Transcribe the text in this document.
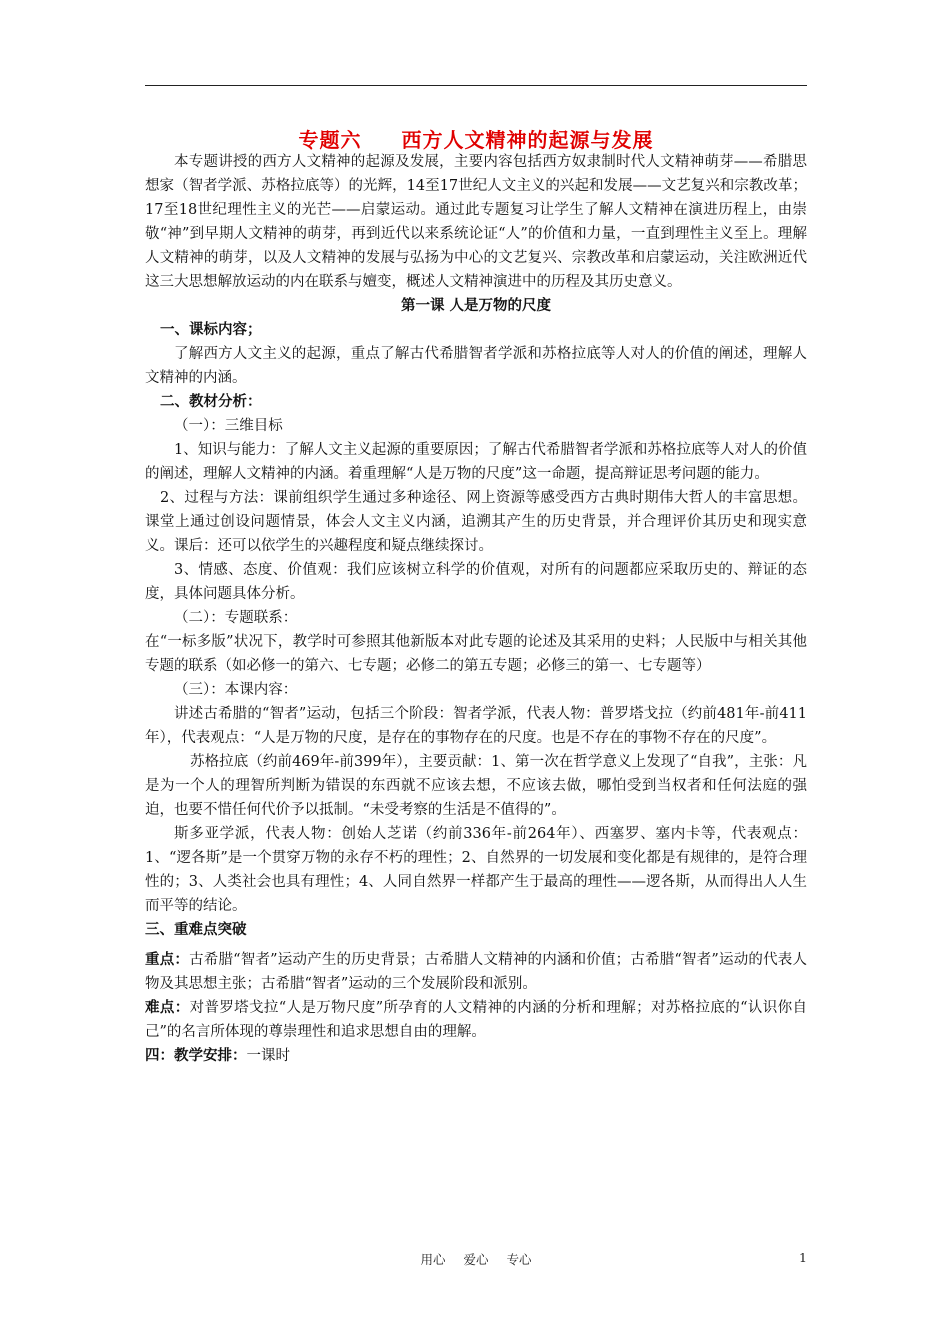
专题六 西方人文精神的起源与发展

本专题讲授的西方人文精神的起源及发展，主要内容包括西方奴隶制时代人文精神萌芽——希腊思想家（智者学派、苏格拉底等）的光辉，14至17世纪人文主义的兴起和发展——文艺复兴和宗教改革；17至18世纪理性主义的光芒——启蒙运动。通过此专题复习让学生了解人文精神在演进历程上，由崇敬“神”到早期人文精神的萌芽，再到近代以来系统论证“人”的价值和力量，一直到理性主义至上。理解人文精神的萌芽，以及人文精神的发展与弘扬为中心的文艺复兴、宗教改革和启蒙运动，关注欧洲近代这三大思想解放运动的内在联系与嬗变，概述人文精神演进中的历程及其历史意义。

第一课 人是万物的尺度

一、课标内容；

了解西方人文主义的起源，重点了解古代希腊智者学派和苏格拉底等人对人的价值的阐述，理解人文精神的内涵。

二、教材分析：

（一）：三维目标

1、知识与能力：了解人文主义起源的重要原因；了解古代希腊智者学派和苏格拉底等人对人的价值的阐述，理解人文精神的内涵。着重理解“人是万物的尺度”这一命题，提高辩证思考问题的能力。

2、过程与方法：课前组织学生通过多种途径、网上资源等感受西方古典时期伟大哲人的丰富思想。课堂上通过创设问题情景，体会人文主义内涵，追溯其产生的历史背景，并合理评价其历史和现实意义。课后：还可以依学生的兴趣程度和疑点继续探讨。

3、情感、态度、价值观：我们应该树立科学的价值观，对所有的问题都应采取历史的、辩证的态度，具体问题具体分析。

（二）：专题联系：

在“一标多版”状况下，教学时可参照其他新版本对此专题的论述及其采用的史料；人民版中与相关其他专题的联系（如必修一的第六、七专题；必修二的第五专题；必修三的第一、七专题等）

（三）：本课内容：

讲述古希腊的“智者”运动，包括三个阶段：智者学派，代表人物：普罗塔戈拉（约前481年-前411年），代表观点：“人是万物的尺度，是存在的事物存在的尺度。也是不存在的事物不存在的尺度”。

苏格拉底（约前469年-前399年），主要贡献：1、第一次在哲学意义上发现了“自我”，主张：凡是为一个人的理智所判断为错误的东西就不应该去想，不应该去做，哪怕受到当权者和任何法庭的强迫，也要不惜任何代价予以抵制。“未受考察的生活是不值得的”。

斯多亚学派，代表人物：创始人芝诺（约前336年-前264年）、西塞罗、塞内卡等，代表观点：1、“逻各斯”是一个贯穿万物的永存不朽的理性；2、自然界的一切发展和变化都是有规律的，是符合理性的；3、人类社会也具有理性；4、人同自然界一样都产生于最高的理性——逻各斯，从而得出人人生而平等的结论。

三、重难点突破

重点：古希腊“智者”运动产生的历史背景；古希腊人文精神的内涵和价值；古希腊“智者”运动的代表人物及其思想主张；古希腊“智者”运动的三个发展阶段和派别。

难点：对普罗塔戈拉“人是万物尺度”所孕育的人文精神的内涵的分析和理解；对苏格拉底的“认识你自己”的名言所体现的尊崇理性和追求思想自由的理解。

四：教学安排：一课时

用心 爱心 专心	1
